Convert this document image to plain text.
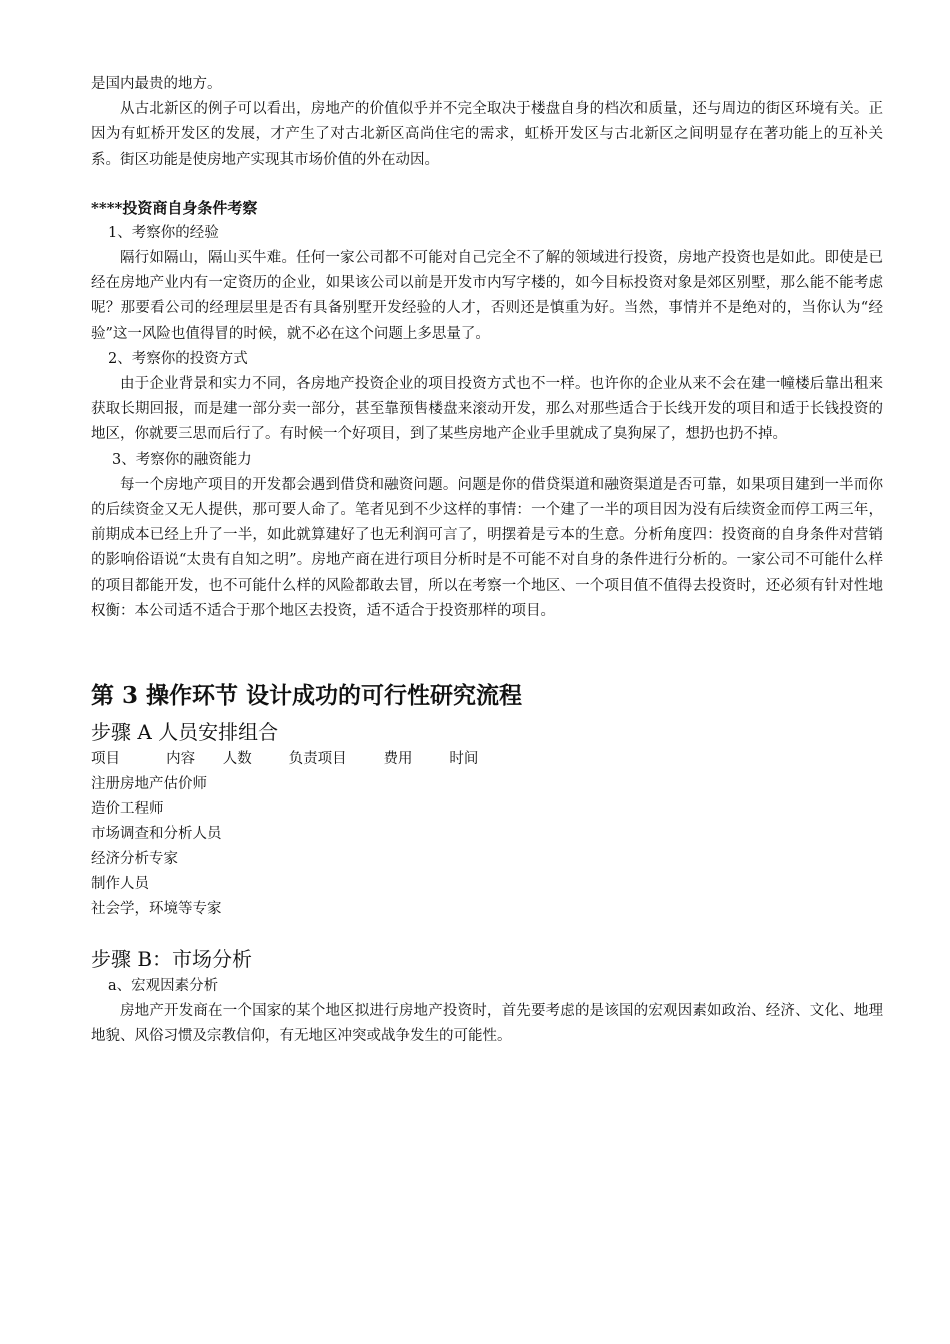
是国内最贵的地方。

从古北新区的例子可以看出，房地产的价值似乎并不完全取决于楼盘自身的档次和质量，还与周边的街区环境有关。正因为有虹桥开发区的发展，才产生了对古北新区高尚住宅的需求，虹桥开发区与古北新区之间明显存在著功能上的互补关系。街区功能是使房地产实现其市场价值的外在动因。

****投资商自身条件考察

1、考察你的经验

隔行如隔山，隔山买牛难。任何一家公司都不可能对自己完全不了解的领域进行投资，房地产投资也是如此。即使是已经在房地产业内有一定资历的企业，如果该公司以前是开发市内写字楼的，如今目标投资对象是郊区别墅，那么能不能考虑呢？那要看公司的经理层里是否有具备别墅开发经验的人才，否则还是慎重为好。当然，事情并不是绝对的，当你认为“经验”这一风险也值得冒的时候，就不必在这个问题上多思量了。

2、考察你的投资方式

由于企业背景和实力不同，各房地产投资企业的项目投资方式也不一样。也许你的企业从来不会在建一幢楼后靠出租来获取长期回报，而是建一部分卖一部分，甚至靠预售楼盘来滚动开发，那么对那些适合于长线开发的项目和适于长钱投资的地区，你就要三思而后行了。有时候一个好项目，到了某些房地产企业手里就成了臭狗屎了，想扔也扔不掉。

3、考察你的融资能力

每一个房地产项目的开发都会遇到借贷和融资问题。问题是你的借贷渠道和融资渠道是否可靠，如果项目建到一半而你的后续资金又无人提供，那可要人命了。笔者见到不少这样的事情：一个建了一半的项目因为没有后续资金而停工两三年，前期成本已经上升了一半，如此就算建好了也无利润可言了，明摆着是亏本的生意。分析角度四：投资商的自身条件对营销的影响俗语说“太贵有自知之明”。房地产商在进行项目分析时是不可能不对自身的条件进行分析的。一家公司不可能什么样的项目都能开发，也不可能什么样的风险都敢去冒，所以在考察一个地区、一个项目值不值得去投资时，还必须有针对性地权衡：本公司适不适合于那个地区去投资，适不适合于投资那样的项目。

第 3 操作环节 设计成功的可行性研究流程

步骤 A 人员安排组合

项目          内容      人数        负责项目        费用        时间

注册房地产估价师

造价工程师

市场调查和分析人员

经济分析专家

制作人员

社会学，环境等专家

步骤 B：市场分析

a、宏观因素分析

房地产开发商在一个国家的某个地区拟进行房地产投资时，首先要考虑的是该国的宏观因素如政治、经济、文化、地理地貌、风俗习惯及宗教信仰，有无地区冲突或战争发生的可能性。
